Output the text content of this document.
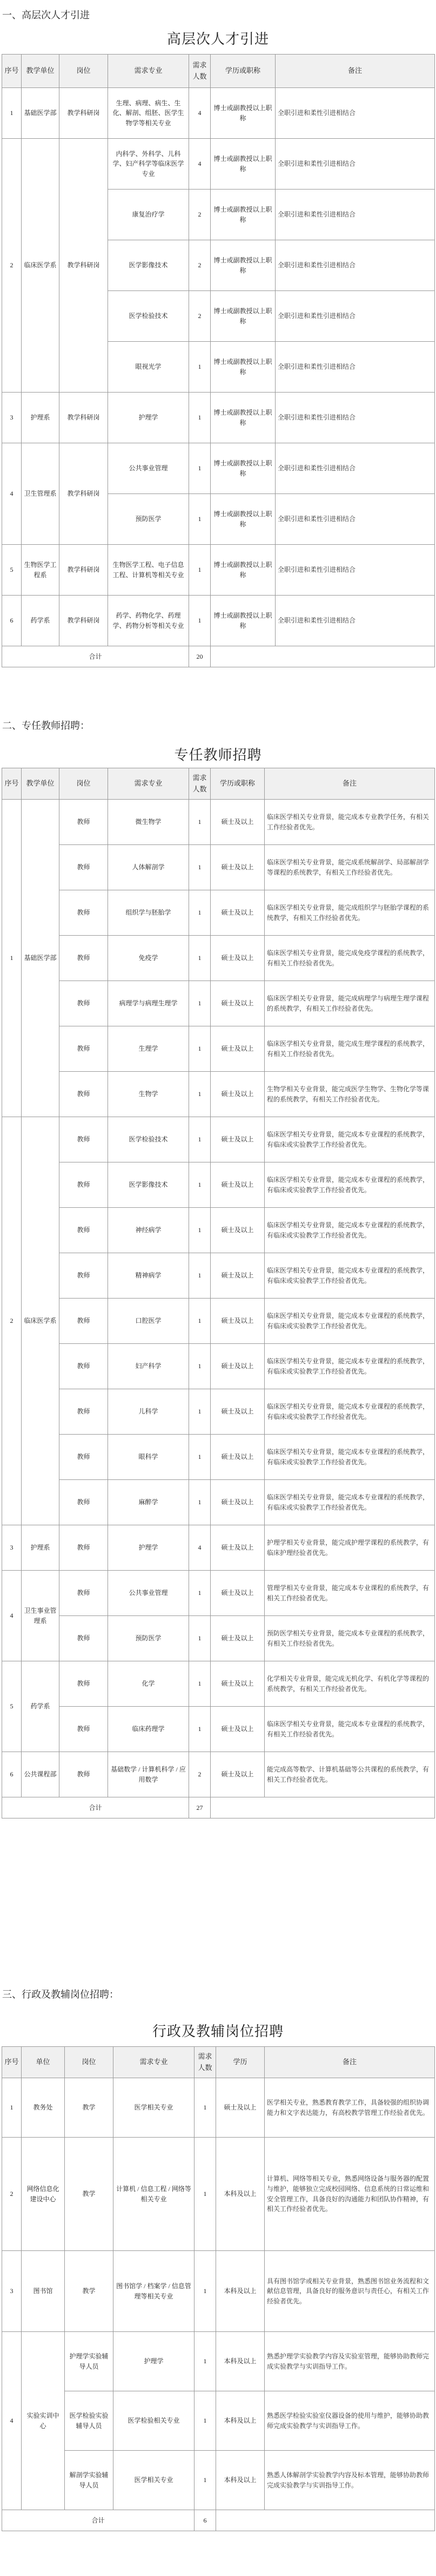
一、高层次人才引进
高层次人才引进
序号	教学单位	岗位	需求专业	需求人数	学历或职称	备注
1	基础医学部	教学科研岗	生理、病理、病生、生化、解剖、组胚、医学生物学等相关专业	4	博士或副教授以上职称	全职引进和柔性引进相结合
2	临床医学系	教学科研岗	内科学、外科学、儿科学、妇产科学等临床医学专业	4	博士或副教授以上职称	全职引进和柔性引进相结合
			康复治疗学	2	博士或副教授以上职称	全职引进和柔性引进相结合
			医学影像技术	2	博士或副教授以上职称	全职引进和柔性引进相结合
			医学检验技术	2	博士或副教授以上职称	全职引进和柔性引进相结合
			眼视光学	1	博士或副教授以上职称	全职引进和柔性引进相结合
3	护理系	教学科研岗	护理学	1	博士或副教授以上职称	全职引进和柔性引进相结合
4	卫生管理系	教学科研岗	公共事业管理	1	博士或副教授以上职称	全职引进和柔性引进相结合
			预防医学	1	博士或副教授以上职称	全职引进和柔性引进相结合
5	生物医学工程系	教学科研岗	生物医学工程、电子信息工程、计算机等相关专业	1	博士或副教授以上职称	全职引进和柔性引进相结合
6	药学系	教学科研岗	药学、药物化学、药理学、药物分析等相关专业	1	博士或副教授以上职称	全职引进和柔性引进相结合
合计				20		
二、专任教师招聘：
专任教师招聘
序号	教学单位	岗位	需求专业	需求人数	学历或职称	备注
1	基础医学部	教师	微生物学	1	硕士及以上	临床医学相关专业背景，能完成本专业教学任务，有相关工作经验者优先。
		教师	人体解剖学	1	硕士及以上	临床医学相关专业背景，能完成系统解剖学、局部解剖学等课程的系统教学，有相关工作经验者优先。
		教师	组织学与胚胎学	1	硕士及以上	临床医学相关专业背景，能完成组织学与胚胎学课程的系统教学，有相关工作经验者优先。
		教师	免疫学	1	硕士及以上	临床医学相关专业背景，能完成免疫学课程的系统教学，有相关工作经验者优先。
		教师	病理学与病理生理学	1	硕士及以上	临床医学相关专业背景，能完成病理学与病理生理学课程的系统教学，有相关工作经验者优先。
		教师	生理学	1	硕士及以上	临床医学相关专业背景，能完成生理学课程的系统教学，有相关工作经验者优先。
		教师	生物学	1	硕士及以上	生物学相关专业背景，能完成医学生物学、生物化学等课程的系统教学，有相关工作经验者优先。
2	临床医学系	教师	医学检验技术	1	硕士及以上	临床医学相关专业背景，能完成本专业课程的系统教学，有临床或实验教学工作经验者优先。
		教师	医学影像技术	1	硕士及以上	临床医学相关专业背景，能完成本专业课程的系统教学，有临床或实验教学工作经验者优先。
		教师	神经病学	1	硕士及以上	临床医学相关专业背景，能完成本专业课程的系统教学，有临床或实验教学工作经验者优先。
		教师	精神病学	1	硕士及以上	临床医学相关专业背景，能完成本专业课程的系统教学，有临床或实验教学工作经验者优先。
		教师	口腔医学	1	硕士及以上	临床医学相关专业背景，能完成本专业课程的系统教学，有临床或实验教学工作经验者优先。
		教师	妇产科学	1	硕士及以上	临床医学相关专业背景，能完成本专业课程的系统教学，有临床或实验教学工作经验者优先。
		教师	儿科学	1	硕士及以上	临床医学相关专业背景，能完成本专业课程的系统教学，有临床或实验教学工作经验者优先。
		教师	眼科学	1	硕士及以上	临床医学相关专业背景，能完成本专业课程的系统教学，有临床或实验教学工作经验者优先。
		教师	麻醉学	1	硕士及以上	临床医学相关专业背景，能完成本专业课程的系统教学，有临床或实验教学工作经验者优先。
3	护理系	教师	护理学	4	硕士及以上	护理学相关专业背景，能完成护理学课程的系统教学，有临床护理经验者优先。
4	卫生事业管理系	教师	公共事业管理	1	硕士及以上	管理学相关专业背景，能完成本专业课程的系统教学，有相关工作经验者优先。
		教师	预防医学	1	硕士及以上	预防医学相关专业背景，能完成本专业课程的系统教学，有相关工作经验者优先。
5	药学系	教师	化学	1	硕士及以上	化学相关专业背景，能完成无机化学、有机化学等课程的系统教学，有相关工作经验者优先。
		教师	临床药理学	1	硕士及以上	临床医学相关专业背景，能完成本专业课程的系统教学，有相关工作经验者优先。
6	公共课程部	教师	基础数学 / 计算机科学 / 应用数学	2	硕士及以上	能完成高等数学、计算机基础等公共课程的系统教学，有相关工作经验者优先。
合计				27		
三、行政及教辅岗位招聘：
行政及教辅岗位招聘
序号	单位	岗位	需求专业	需求人数	学历	备注
1	教务处	教学	医学相关专业	1	硕士及以上	医学相关专业，熟悉教育教学工作，具备较强的组织协调能力和文字表达能力，有高校教学管理工作经验者优先。
2	网络信息化建设中心	教学	计算机 / 信息工程 / 网络等相关专业	1	本科及以上	计算机、网络等相关专业，熟悉网络设备与服务器的配置与维护，能够独立完成校园网络、信息系统的日常运维和安全管理工作，具备良好的沟通能力和团队协作精神，有相关工作经验者优先。
3	图书馆	教学	图书馆学 / 档案学 / 信息管理等相关专业	1	本科及以上	具有图书馆学或相关专业背景，熟悉图书馆业务流程和文献信息管理，具备良好的服务意识与责任心，有相关工作经验者优先。
4	实验实训中心	护理学实验辅导人员	护理学	1	本科及以上	熟悉护理学实验教学内容及实验室管理，能够协助教师完成实验教学与实训指导工作。
		医学检验实验辅导人员	医学检验相关专业	1	本科及以上	熟悉医学检验实验室仪器设备的使用与维护，能够协助教师完成实验教学与实训指导工作。
		解剖学实验辅导人员	医学相关专业	1	本科及以上	熟悉人体解剖学实验教学内容及标本管理，能够协助教师完成实验教学与实训指导工作。
合计				6		
